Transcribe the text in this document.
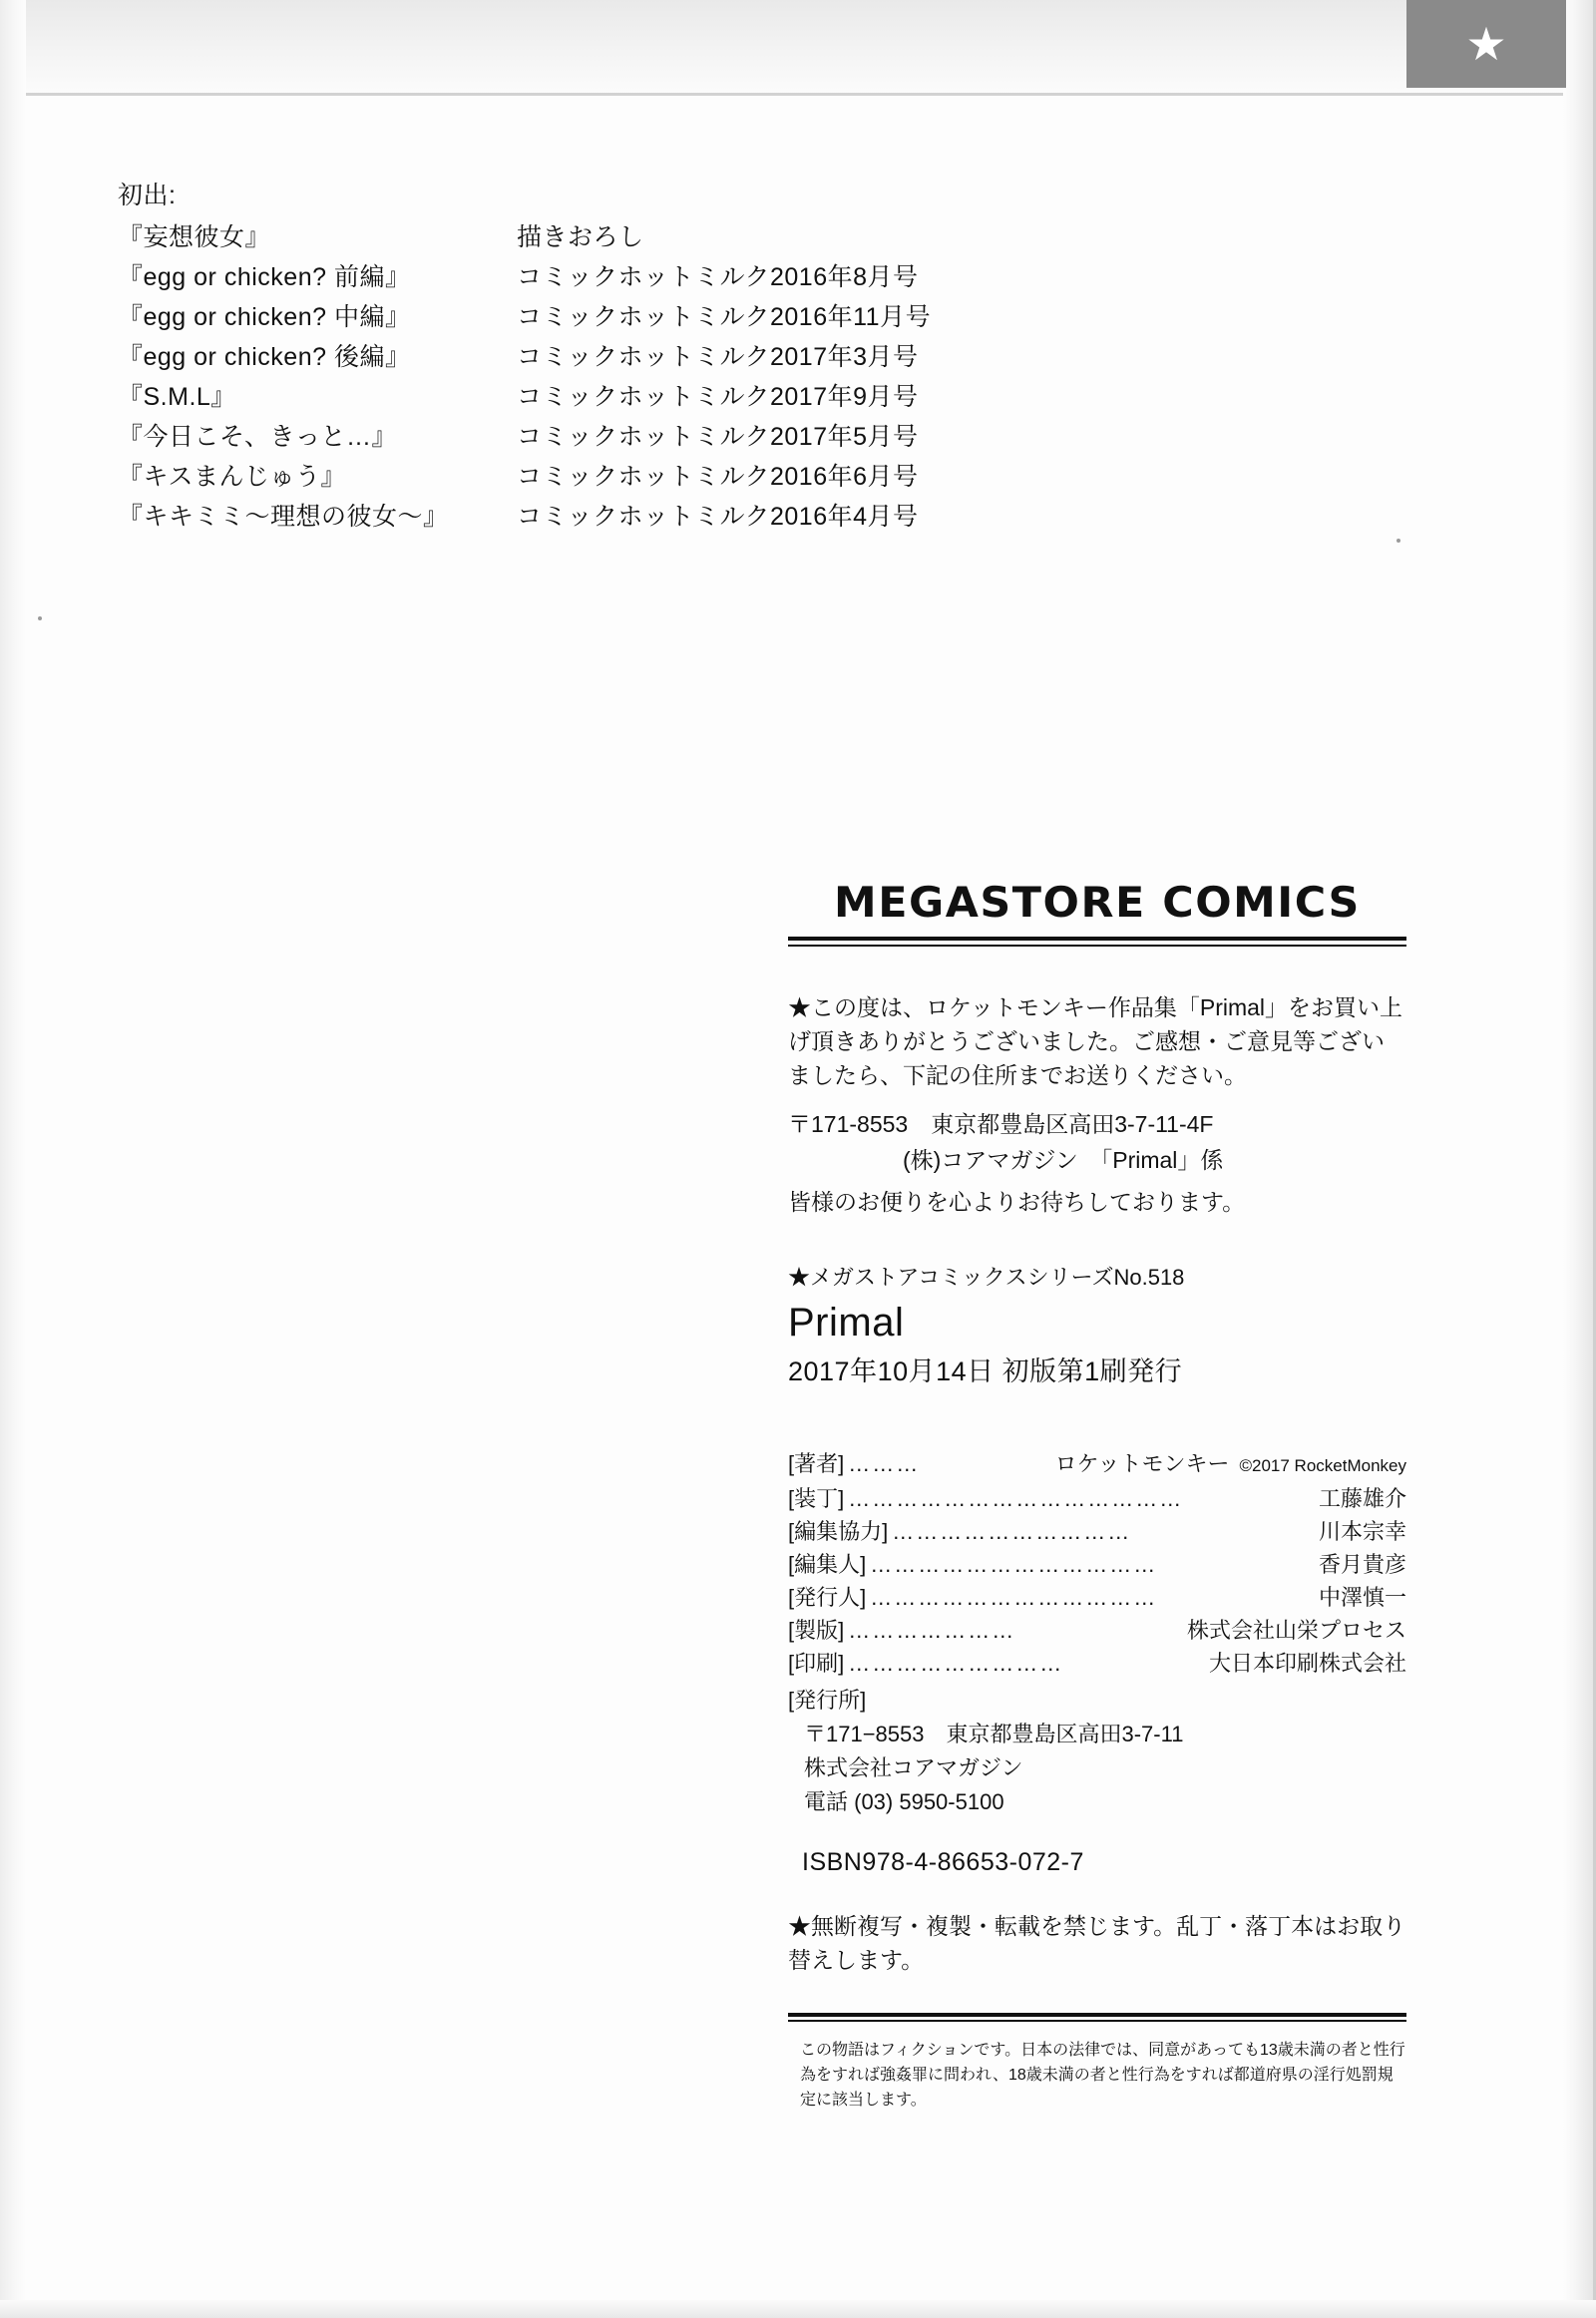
★
初出:
『妄想彼女』	描きおろし
『egg or chicken? 前編』	コミックホットミルク2016年8月号
『egg or chicken? 中編』	コミックホットミルク2016年11月号
『egg or chicken? 後編』	コミックホットミルク2017年3月号
『S.M.L』	コミックホットミルク2017年9月号
『今日こそ、きっと…』	コミックホットミルク2017年5月号
『キスまんじゅう』	コミックホットミルク2016年6月号
『キキミミ〜理想の彼女〜』	コミックホットミルク2016年4月号
MEGASTORE COMICS
★この度は、ロケットモンキー作品集「Primal」をお買い上げ頂きありがとうございました。ご感想・ご意見等ございましたら、下記の住所までお送りください。
〒171-8553　東京都豊島区高田3-7-11-4F
(株)コアマガジン　「Primal」係
皆様のお便りを心よりお待ちしております。
★メガストアコミックスシリーズNo.518
Primal
2017年10月14日 初版第1刷発行
[著者] ………	ロケットモンキー ©2017 RocketMonkey
[装丁] ……………………………………	工藤雄介
[編集協力] …………………………	川本宗幸
[編集人] ………………………………	香月貴彦
[発行人] ………………………………	中澤慎一
[製版] …………………	株式会社山栄プロセス
[印刷] ………………………	大日本印刷株式会社
[発行所]
〒171−8553　東京都豊島区高田3-7-11
株式会社コアマガジン
電話 (03) 5950-5100
ISBN978-4-86653-072-7
★無断複写・複製・転載を禁じます。乱丁・落丁本はお取り替えします。
この物語はフィクションです。日本の法律では、同意があっても13歳未満の者と性行為をすれば強姦罪に問われ、18歳未満の者と性行為をすれば都道府県の淫行処罰規定に該当します。
